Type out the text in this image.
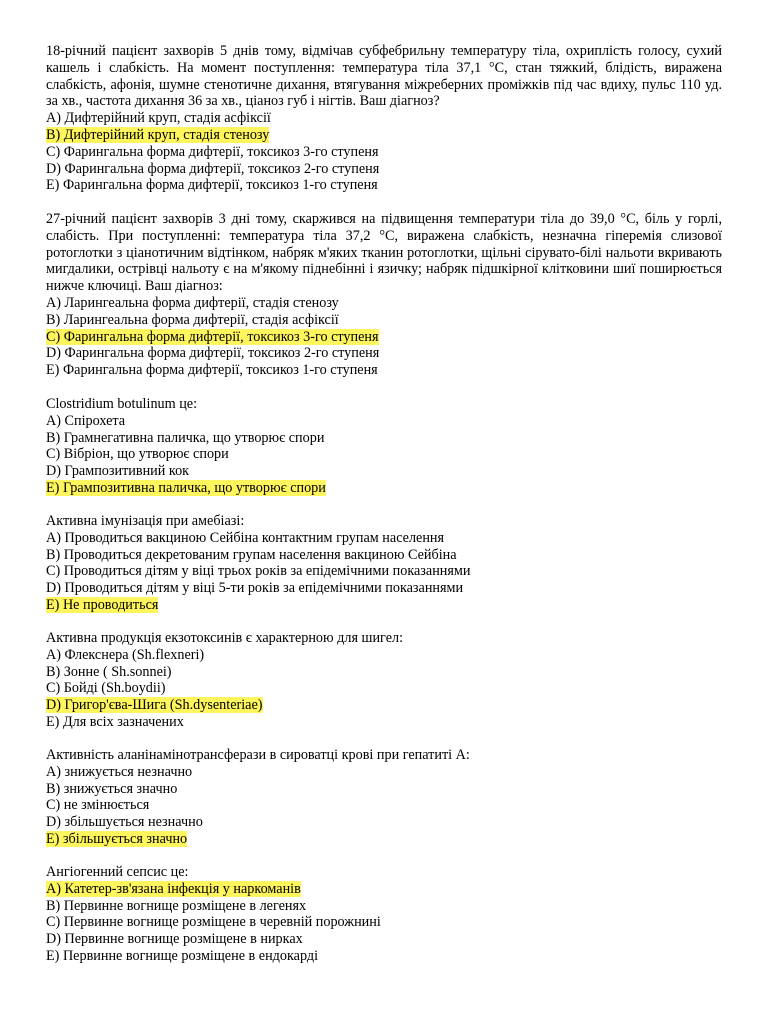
18-річний пацієнт захворів 5 днів тому, відмічав субфебрильну температуру тіла, охриплість голосу, сухий кашель і слабкість. На момент поступлення: температура тіла 37,1 °С, стан тяжкий, блідість, виражена слабкість, афонія, шумне стенотичне дихання, втягування міжреберних проміжків під час вдиху, пульс 110 уд. за хв., частота дихання 36 за хв., ціаноз губ і нігтів. Ваш діагноз?

A) Дифтерійний круп, стадія асфіксії

B) Дифтерійний круп, стадія стенозу

C) Фарингальна форма дифтерії, токсикоз 3-го ступеня

D) Фарингальна форма дифтерії, токсикоз 2-го ступеня

E) Фарингальна форма дифтерії, токсикоз 1-го ступеня

27-річний пацієнт захворів 3 дні тому, скаржився на підвищення температури тіла до 39,0 °С, біль у горлі, слабість. При поступленні: температура тіла 37,2 °С, виражена слабкість, незначна гіперемія слизової ротоглотки з ціанотичним відтінком, набряк м'яких тканин ротоглотки, щільні сірувато-білі нальоти вкривають мигдалики, острівці нальоту є на м'якому піднебінні і язичку; набряк підшкірної клітковини шиї поширюється нижче ключиці. Ваш діагноз:

A) Ларингеальна форма дифтерії, стадія стенозу

B) Ларингеальна форма дифтерії, стадія асфіксії

C) Фарингальна форма дифтерії, токсикоз 3-го ступеня

D) Фарингальна форма дифтерії, токсикоз 2-го ступеня

E) Фарингальна форма дифтерії, токсикоз 1-го ступеня

Clostridium botulinum це:

A) Спірохета

B) Грамнегативна паличка, що утворює спори

C) Вібріон, що утворює спори

D) Грампозитивний кок

E) Грампозитивна паличка, що утворює спори

Активна імунізація при амебіазі:

A) Проводиться вакциною Сейбіна контактним групам населення

B) Проводиться декретованим групам населення вакциною Сейбіна

C) Проводиться дітям у віці трьох років за епідемічними показаннями

D) Проводиться дітям у віці 5-ти років за епідемічними показаннями

E) Не проводиться

Активна продукція екзотоксинів є характерною для шигел:

A) Флекснера (Sh.flexneri)

B) Зонне ( Sh.sonnei)

C) Бойді (Sh.boydii)

D) Григор'єва-Шига (Sh.dysenteriae)

E) Для всіх зазначених

Активність аланінамінотрансферази в сироватці крові при гепатиті А:

A) знижується незначно

B) знижується значно

C) не змінюється

D) збільшується незначно

E) збільшується значно

Ангіогенний сепсис це:

A) Катетер-зв'язана інфекція у наркоманів

B) Первинне вогнище розміщене в легенях

C) Первинне вогнище розміщене в черевній порожнині

D) Первинне вогнище розміщене в нирках

E) Первинне вогнище розміщене в ендокарді
